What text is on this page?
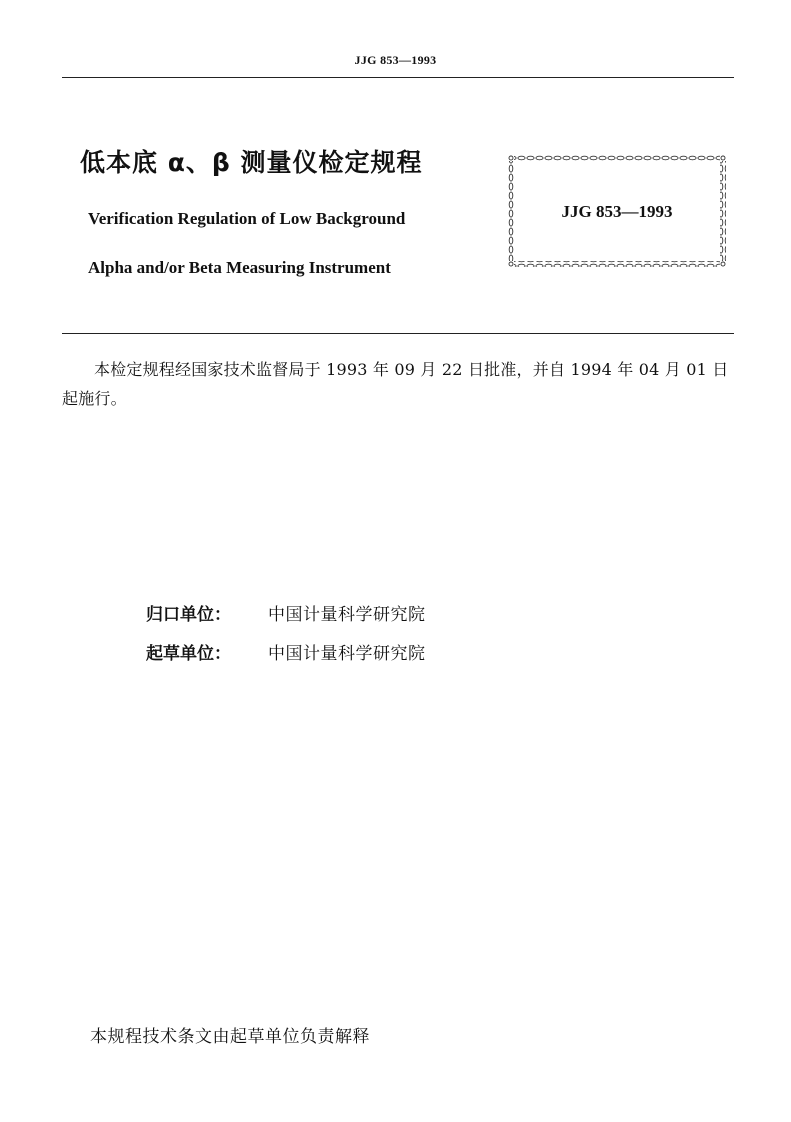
JJG 853—1993
低本底 α、β 测量仪检定规程
Verification Regulation of Low Background
Alpha and/or Beta Measuring Instrument
JJG 853—1993
本检定规程经国家技术监督局于 1993 年 09 月 22 日批准，并自 1994 年 04 月 01 日起施行。
归口单位： 中国计量科学研究院
起草单位： 中国计量科学研究院
本规程技术条文由起草单位负责解释
